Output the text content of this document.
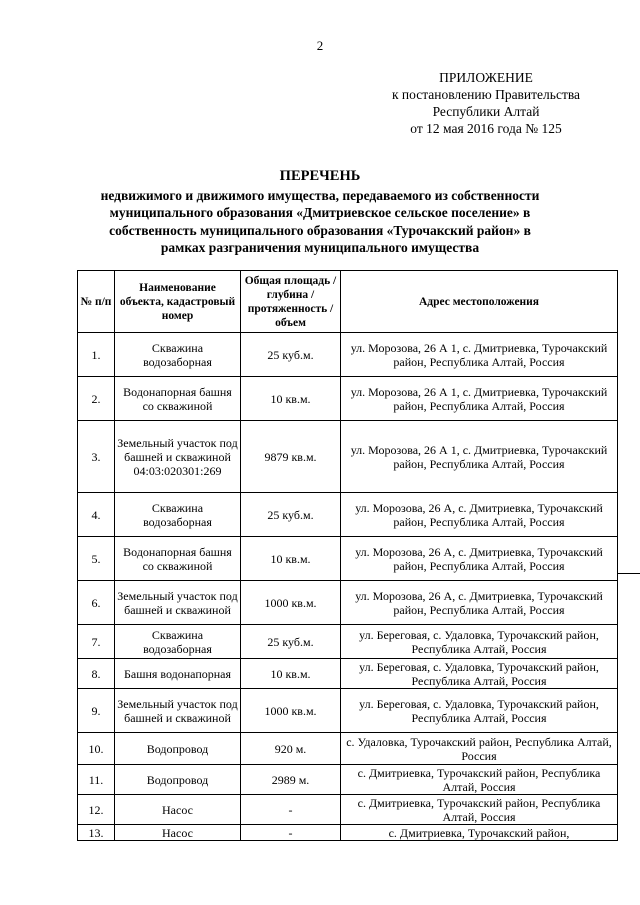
2
ПРИЛОЖЕНИЕ
к постановлению Правительства
Республики Алтай
от 12 мая 2016 года № 125
ПЕРЕЧЕНЬ
недвижимого и движимого имущества, передаваемого из собственности
муниципального образования «Дмитриевское сельское поселение» в
собственность муниципального образования «Турочакский район» в
рамках разграничения муниципального имущества
№ п/п	Наименование объекта, кадастровый номер	Общая площадь / глубина / протяженность / объем	Адрес местоположения
1.	Скважина водозаборная	25 куб.м.	ул. Морозова, 26 А 1, с. Дмитриевка, Турочакский район, Республика Алтай, Россия
2.	Водонапорная башня со скважиной	10 кв.м.	ул. Морозова, 26 А 1, с. Дмитриевка, Турочакский район, Республика Алтай, Россия
3.	Земельный участок под башней и скважиной 04:03:020301:269	9879 кв.м.	ул. Морозова, 26 А 1, с. Дмитриевка, Турочакский район, Республика Алтай, Россия
4.	Скважина водозаборная	25 куб.м.	ул. Морозова, 26 А, с. Дмитриевка, Турочакский район, Республика Алтай, Россия
5.	Водонапорная башня со скважиной	10 кв.м.	ул. Морозова, 26 А, с. Дмитриевка, Турочакский район, Республика Алтай, Россия
6.	Земельный участок под башней и скважиной	1000 кв.м.	ул. Морозова, 26 А, с. Дмитриевка, Турочакский район, Республика Алтай, Россия
7.	Скважина водозаборная	25 куб.м.	ул. Береговая, с. Удаловка, Турочакский район, Республика Алтай, Россия
8.	Башня водонапорная	10 кв.м.	ул. Береговая, с. Удаловка, Турочакский район, Республика Алтай, Россия
9.	Земельный участок под башней и скважиной	1000 кв.м.	ул. Береговая, с. Удаловка, Турочакский район, Республика Алтай, Россия
10.	Водопровод	920 м.	с. Удаловка, Турочакский район, Республика Алтай, Россия
11.	Водопровод	2989 м.	с. Дмитриевка, Турочакский район, Республика Алтай, Россия
12.	Насос	-	с. Дмитриевка, Турочакский район, Республика Алтай, Россия
13.	Насос	-	с. Дмитриевка, Турочакский район,
